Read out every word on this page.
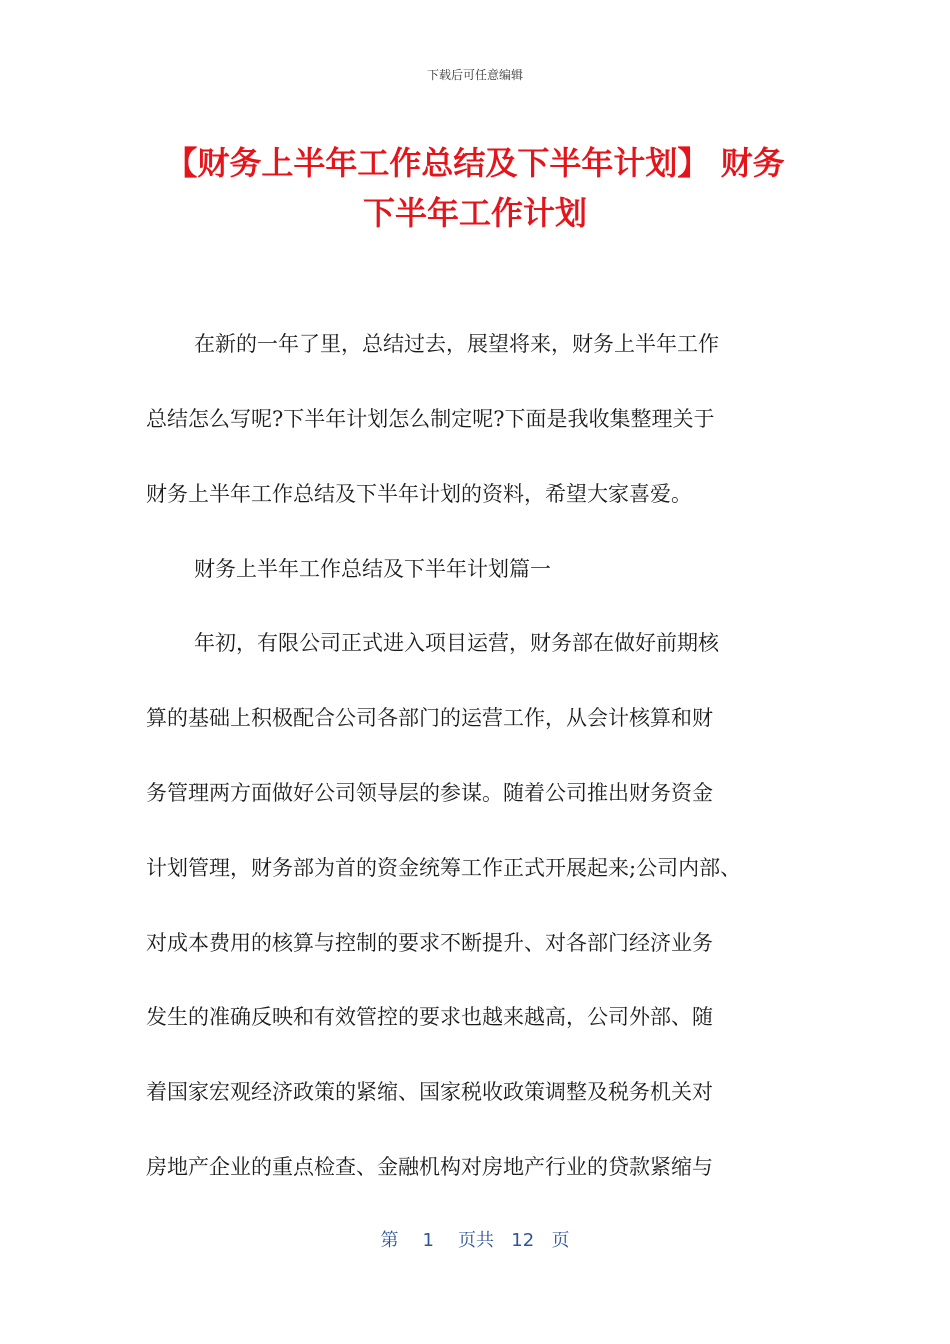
下载后可任意编辑
【财务上半年工作总结及下半年计划】 财务
下半年工作计划

在新的一年了里，总结过去，展望将来，财务上半年工作

总结怎么写呢?下半年计划怎么制定呢?下面是我收集整理关于

财务上半年工作总结及下半年计划的资料，希望大家喜爱。

财务上半年工作总结及下半年计划篇一

年初，有限公司正式进入项目运营，财务部在做好前期核

算的基础上积极配合公司各部门的运营工作，从会计核算和财

务管理两方面做好公司领导层的参谋。随着公司推出财务资金

计划管理，财务部为首的资金统筹工作正式开展起来;公司内部、

对成本费用的核算与控制的要求不断提升、对各部门经济业务

发生的准确反映和有效管控的要求也越来越高，公司外部、随

着国家宏观经济政策的紧缩、国家税收政策调整及税务机关对

房地产企业的重点检查、金融机构对房地产行业的贷款紧缩与

第 1 页共 12 页
